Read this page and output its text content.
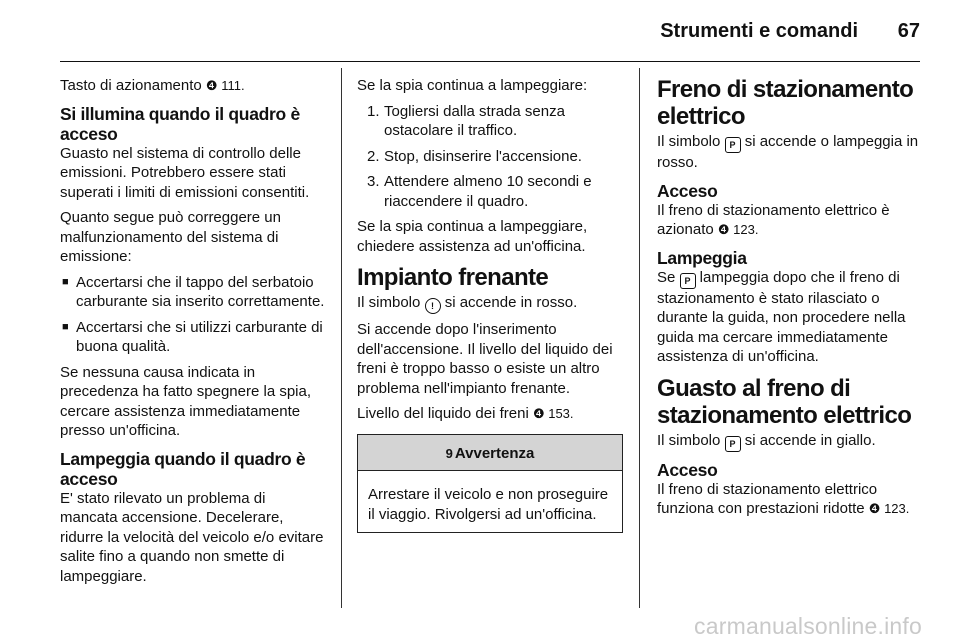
Strumenti e comandi 67

Tasto di azionamento ❹ 111.

Si illumina quando il quadro è acceso

Guasto nel sistema di controllo delle emissioni. Potrebbero essere stati superati i limiti di emissioni consentiti.

Quanto segue può correggere un malfunzionamento del sistema di emissione:

■ Accertarsi che il tappo del serbatoio carburante sia inserito correttamente.
■ Accertarsi che si utilizzi carburante di buona qualità.

Se nessuna causa indicata in precedenza ha fatto spegnere la spia, cercare assistenza immediatamente presso un'officina.

Lampeggia quando il quadro è acceso

E' stato rilevato un problema di mancata accensione. Decelerare, ridurre la velocità del veicolo e/o evitare salite fino a quando non smette di lampeggiare.

Se la spia continua a lampeggiare:

1. Togliersi dalla strada senza ostacolare il traffico.
2. Stop, disinserire l'accensione.
3. Attendere almeno 10 secondi e riaccendere il quadro.

Se la spia continua a lampeggiare, chiedere assistenza ad un'officina.

Impianto frenante

Il simbolo ! si accende in rosso.

Si accende dopo l'inserimento dell'accensione. Il livello del liquido dei freni è troppo basso o esiste un altro problema nell'impianto frenante.

Livello del liquido dei freni ❹ 153.

9 Avvertenza
Arrestare il veicolo e non proseguire il viaggio. Rivolgersi ad un'officina.
Freno di stazionamento elettrico

Il simbolo P si accende o lampeggia in rosso.

Acceso

Il freno di stazionamento elettrico è azionato ❹ 123.

Lampeggia

Se P lampeggia dopo che il freno di stazionamento è stato rilasciato o durante la guida, non procedere nella guida ma cercare immediatamente assistenza di un'officina.

Guasto al freno di stazionamento elettrico

Il simbolo P si accende in giallo.

Acceso

Il freno di stazionamento elettrico funziona con prestazioni ridotte ❹ 123.

carmanualsonline.info
